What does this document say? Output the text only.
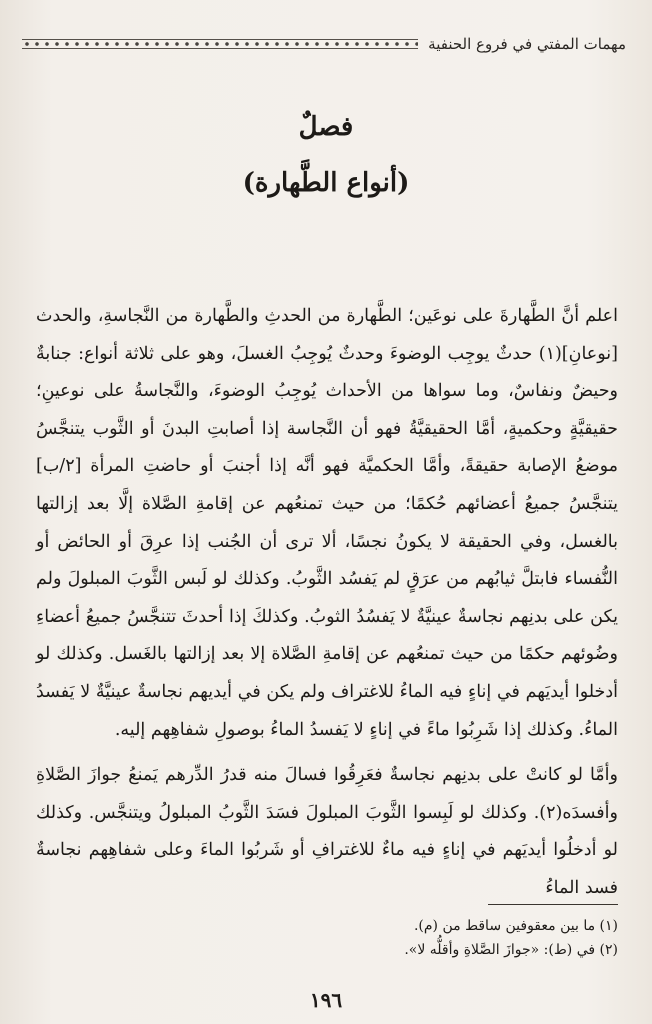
مهمات المفتي في فروع الحنفية
فصلٌ
(أنواع الطَّهارة)

اعلم أنَّ الطَّهارةَ على نوعَين؛ الطَّهارة من الحدثِ والطَّهارة من النَّجاسةِ، والحدث [نوعانِ](١) حدثٌ يوجِب الوضوءَ وحدثٌ يُوجِبُ الغسلَ، وهو على ثلاثة أنواع: جنابةٌ وحيضٌ ونفاسٌ، وما سواها من الأحداث يُوجِبُ الوضوءَ، والنَّجاسةُ على نوعينِ؛ حقيقيَّةٍ وحكميةٍ، أمَّا الحقيقيَّةُ فهو أن النَّجاسة إذا أصابتِ البدنَ أو الثَّوب يتنجَّسُ موضعُ الإصابة حقيقةً، وأمَّا الحكميَّة فهو أنَّه إذا أجنبَ أو حاضتِ المرأة [٢/ب] يتنجَّسُ جميعُ أعضائهم حُكمًا؛ من حيث تمنعُهم عن إقامةِ الصَّلاة إلَّا بعد إزالتها بالغسل، وفي الحقيقة لا يكونُ نجسًا، ألا ترى أن الجُنب إذا عرِقَ أو الحائض أو النُّفساء فابتلَّ ثيابُهم من عرَقٍ لم يَفسُد الثَّوبُ. وكذلك لو لَبس الثَّوبَ المبلولَ ولم يكن على بدنِهم نجاسةٌ عينيَّةٌ لا يَفسُدُ الثوبُ. وكذلكَ إذا أحدثَ تتنجَّسُ جميعُ أعضاءِ وضُوئهم حكمًا من حيث تمنعُهم عن إقامةِ الصَّلاة إلا بعد إزالتها بالغَسل. وكذلك لو أدخلوا أيديَهم في إناءٍ فيه الماءُ للاغتراف ولم يكن في أيديهم نجاسةٌ عينيَّةٌ لا يَفسدُ الماءُ. وكذلك إذا شَرِبُوا ماءً في إناءٍ لا يَفسدُ الماءُ بوصولِ شفاهِهم إليه.

وأمَّا لو كانتْ على بدنِهم نجاسةٌ فعَرِقُوا فسالَ منه قدرُ الدِّرهم يَمنعُ جوازَ الصَّلاةِ وأفسدَه(٢). وكذلك لو لَبِسوا الثَّوبَ المبلولَ فسَدَ الثَّوبُ المبلولُ ويتنجَّس. وكذلك لو أدخلُوا أيديَهم في إناءٍ فيه ماءٌ للاغترافِ أو شَربُوا الماءَ وعلى شفاهِهم نجاسةٌ فسد الماءُ

(١) ما بين معقوفين ساقط من (م).
(٢) في (ط): «جوازَ الصَّلاةِ وأقلُّه لا».
١٩٦
